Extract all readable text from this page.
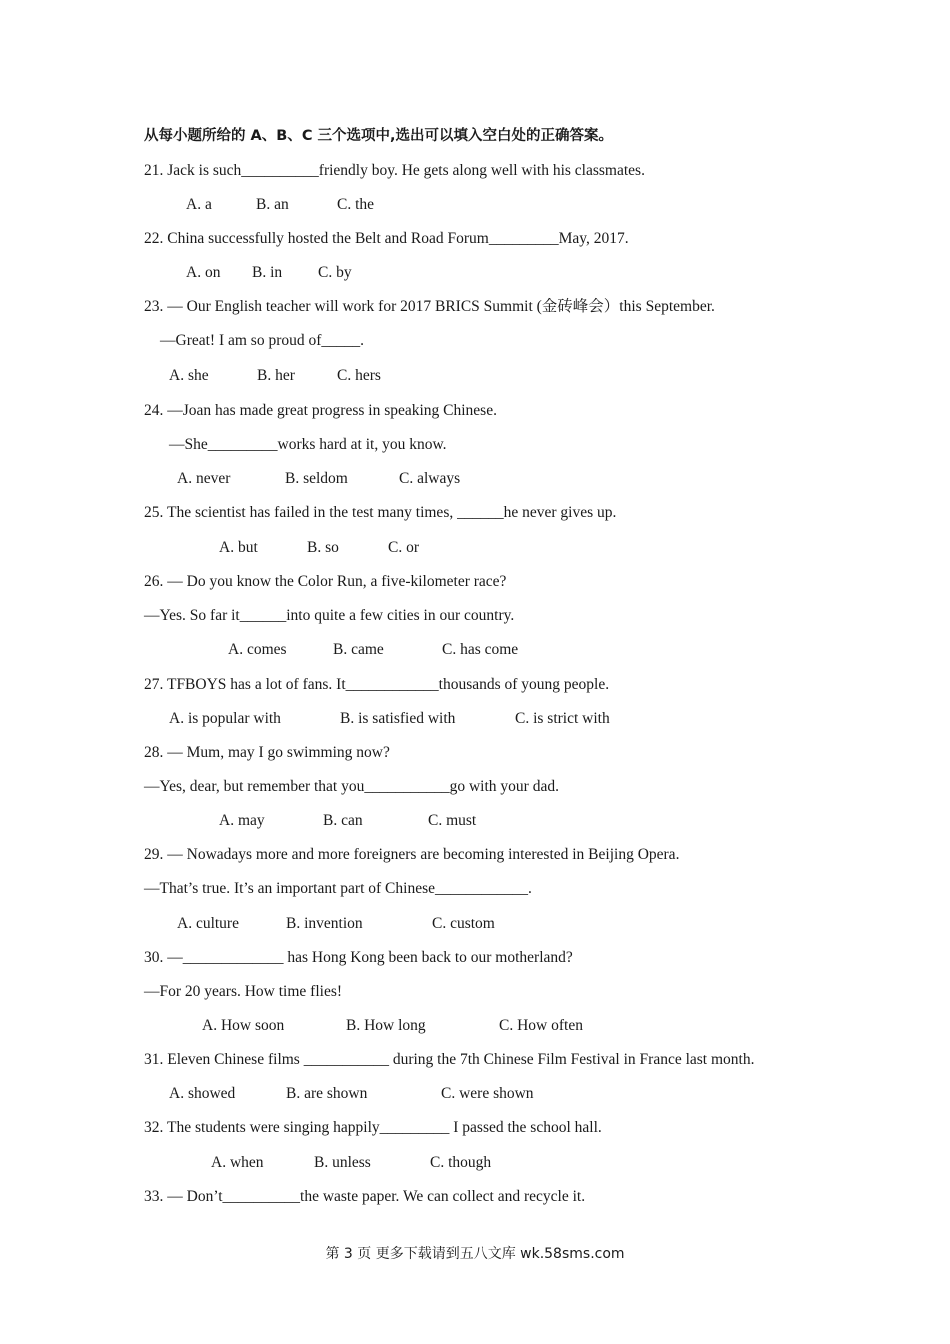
从每小题所给的 A、B、C 三个选项中,选出可以填入空白处的正确答案。
21. Jack is such__________friendly boy. He gets along well with his classmates.
A. a	B. an	C. the
22. China successfully hosted the Belt and Road Forum_________May, 2017.
A. on B. in C. by
23. — Our English teacher will work for 2017 BRICS Summit (金砖峰会）this September.
—Great! I am so proud of_____.
A. she	B. her	C. hers
24. —Joan has made great progress in speaking Chinese.
—She_________works hard at it, you know.
A. never	B. seldom	C. always
25. The scientist has failed in the test many times, ______he never gives up.
A. but	B. so	C. or
26. — Do you know the Color Run, a five-kilometer race?
—Yes. So far it______into quite a few cities in our country.
A. comes	B. came	C. has come
27. TFBOYS has a lot of fans. It____________thousands of young people.
A. is popular with	B. is satisfied with	C. is strict with
28. — Mum, may I go swimming now?
—Yes, dear, but remember that you___________go with your dad.
A. may	B. can	C. must
29. — Nowadays more and more foreigners are becoming interested in Beijing Opera.
—That’s true. It’s an important part of Chinese____________.
A. culture	B. invention	C. custom
30. —_____________ has Hong Kong been back to our motherland?
—For 20 years. How time flies!
A. How soon	B. How long	C. How often
31. Eleven Chinese films ___________ during the 7th Chinese Film Festival in France last month.
A. showed	B. are shown	C. were shown
32. The students were singing happily_________ I passed the school hall.
A. when	B. unless	C. though
33. — Don’t__________the waste paper. We can collect and recycle it.
第 3 页 更多下载请到五八文库 wk.58sms.com
